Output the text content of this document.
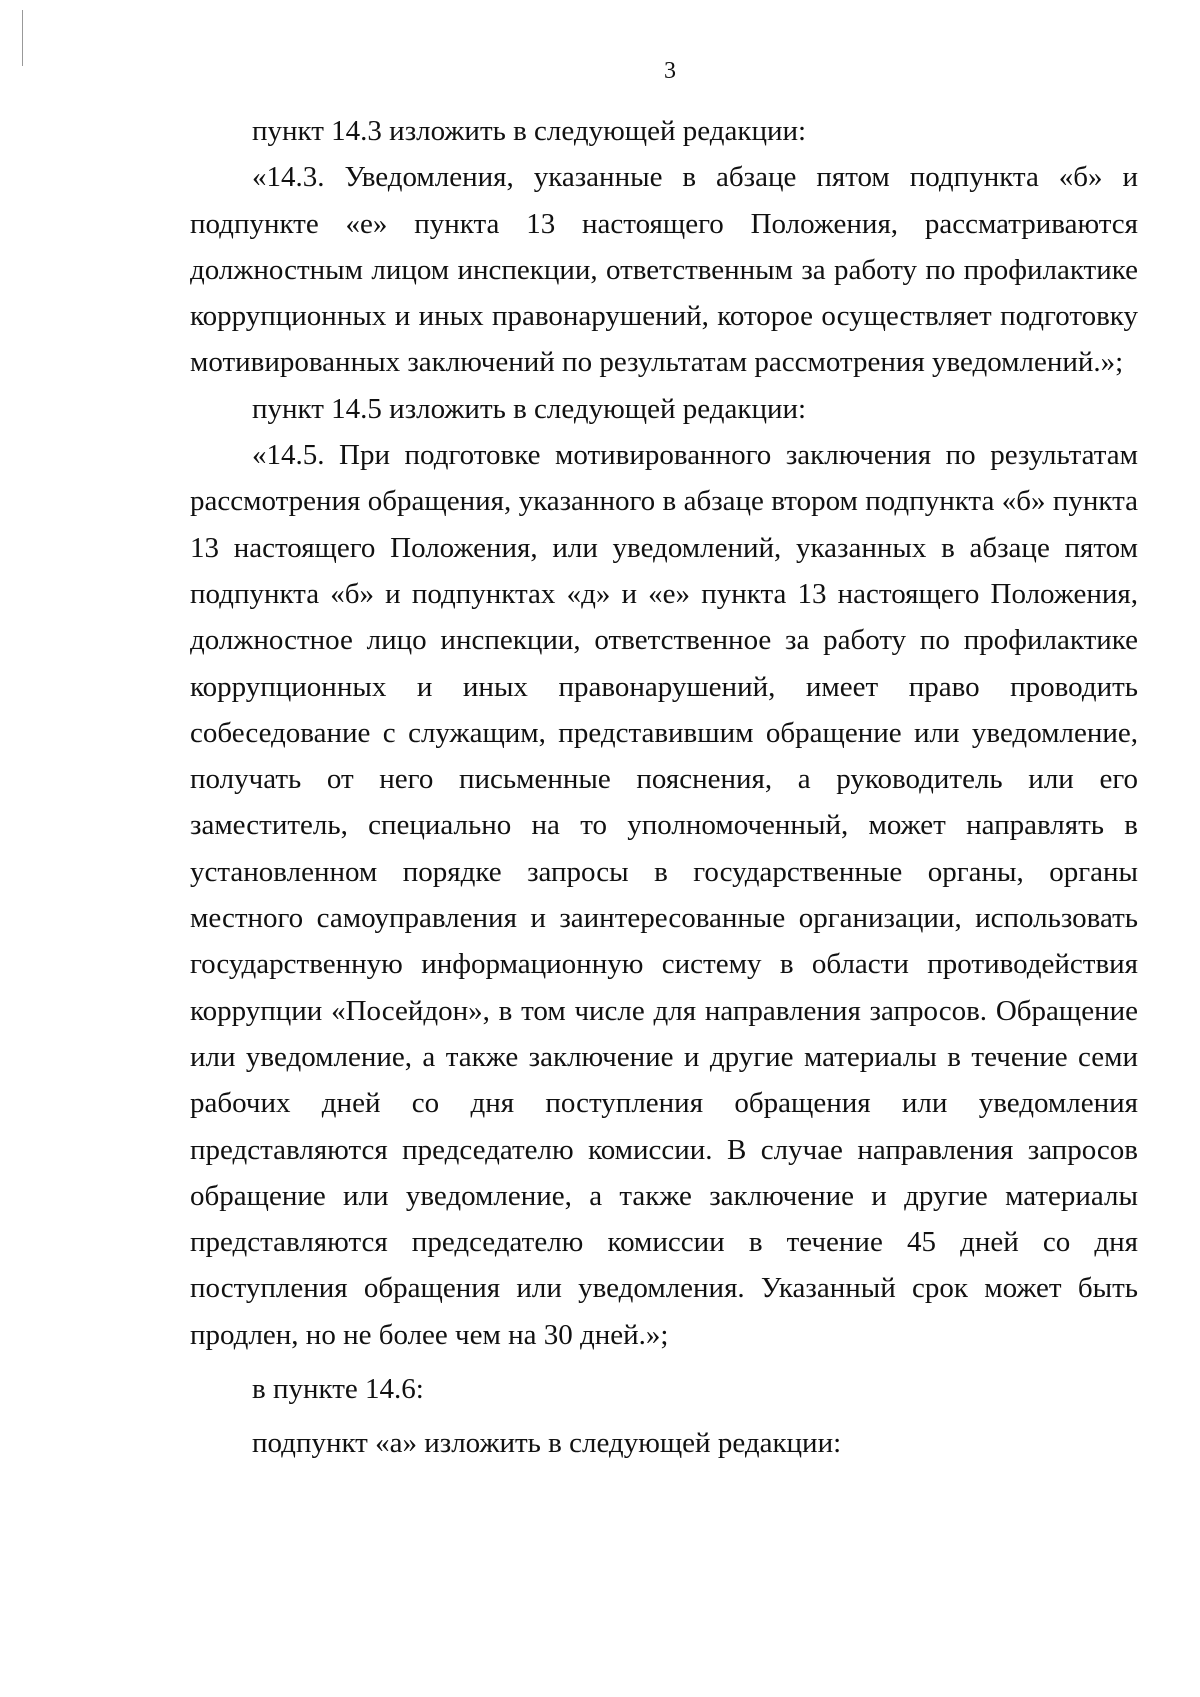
3

пункт 14.3 изложить в следующей редакции:

«14.3. Уведомления, указанные в абзаце пятом подпункта «б» и подпункте «е» пункта 13 настоящего Положения, рассматриваются должностным лицом инспекции, ответственным за работу по профилактике коррупционных и иных правонарушений, которое осуществляет подготовку мотивированных заключений по результатам рассмотрения уведомлений.»;

пункт 14.5 изложить в следующей редакции:

«14.5. При подготовке мотивированного заключения по результатам рассмотрения обращения, указанного в абзаце втором подпункта «б» пункта 13 настоящего Положения, или уведомлений, указанных в абзаце пятом подпункта «б» и подпунктах «д» и «е» пункта 13 настоящего Положения, должностное лицо инспекции, ответственное за работу по профилактике коррупционных и иных правонарушений, имеет право проводить собеседование с служащим, представившим обращение или уведомление, получать от него письменные пояснения, а руководитель или его заместитель, специально на то уполномоченный, может направлять в установленном порядке запросы в государственные органы, органы местного самоуправления и заинтересованные организации, использовать государственную информационную систему в области противодействия коррупции «Посейдон», в том числе для направления запросов. Обращение или уведомление, а также заключение и другие материалы в течение семи рабочих дней со дня поступления обращения или уведомления представляются председателю комиссии. В случае направления запросов обращение или уведомление, а также заключение и другие материалы представляются председателю комиссии в течение 45 дней со дня поступления обращения или уведомления. Указанный срок может быть продлен, но не более чем на 30 дней.»;

в пункте 14.6:

подпункт «а» изложить в следующей редакции:
